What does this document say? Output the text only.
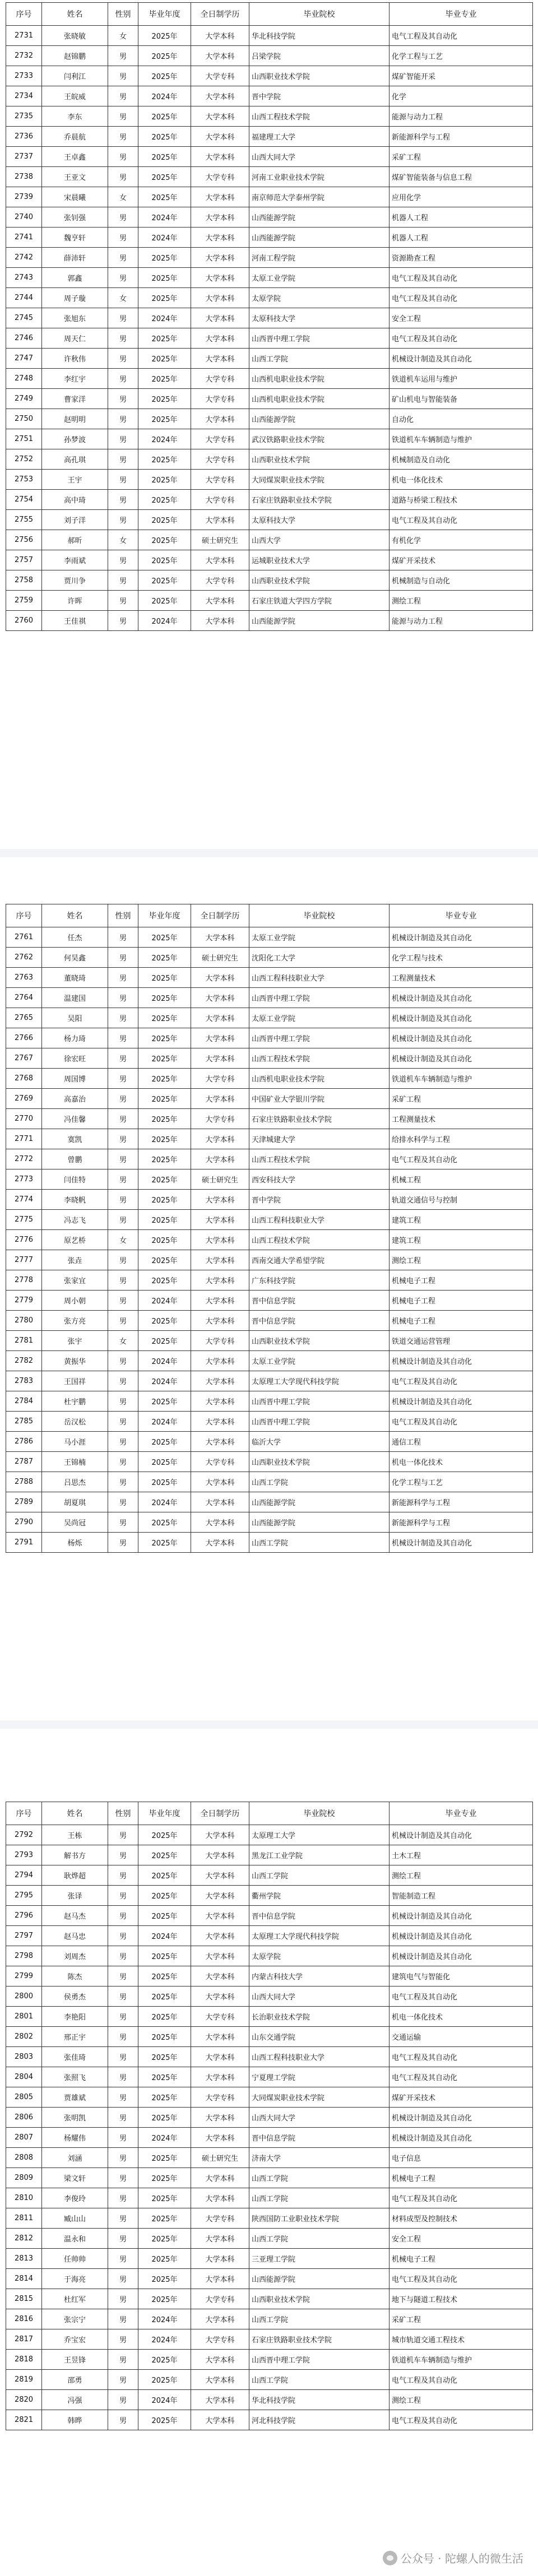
序号	姓名	性别	毕业年度	全日制学历	毕业院校	毕业专业
2731	张晓敏	女	2025年	大学本科	华北科技学院	电气工程及其自动化
2732	赵锦鹏	男	2025年	大学本科	吕梁学院	化学工程与工艺
2733	闫利江	男	2025年	大学专科	山西职业技术学院	煤矿智能开采
2734	王皖威	男	2024年	大学本科	晋中学院	化学
2735	李东	男	2025年	大学本科	山西工程技术学院	能源与动力工程
2736	乔晨航	男	2025年	大学本科	福建理工大学	新能源科学与工程
2737	王卓鑫	男	2025年	大学本科	山西大同大学	采矿工程
2738	王亚文	男	2025年	大学专科	河南工业职业技术学院	煤矿智能装备与信息工程
2739	宋晨曦	女	2025年	大学本科	南京师范大学泰州学院	应用化学
2740	张钊强	男	2024年	大学本科	山西能源学院	机器人工程
2741	魏亨轩	男	2024年	大学本科	山西能源学院	机器人工程
2742	薛沛轩	男	2025年	大学本科	河南工程学院	资源勘查工程
2743	郭鑫	男	2025年	大学本科	太原工业学院	电气工程及其自动化
2744	周子璇	女	2025年	大学本科	太原学院	电气工程及其自动化
2745	张旭东	男	2024年	大学本科	太原科技大学	安全工程
2746	周天仁	男	2025年	大学本科	山西晋中理工学院	电气工程及其自动化
2747	许秋伟	男	2025年	大学本科	山西工学院	机械设计制造及其自动化
2748	李红宇	男	2025年	大学专科	山西机电职业技术学院	铁道机车运用与维护
2749	曹家洋	男	2025年	大学专科	山西机电职业技术学院	矿山机电与智能装备
2750	赵明明	男	2025年	大学本科	山西能源学院	自动化
2751	孙梦波	男	2024年	大学专科	武汉铁路职业技术学院	铁道机车车辆制造与维护
2752	高孔琪	男	2025年	大学专科	山西职业技术学院	机械制造及自动化
2753	王宇	男	2025年	大学专科	大同煤炭职业技术学院	机电一体化技术
2754	高中琦	男	2025年	大学专科	石家庄铁路职业技术学院	道路与桥梁工程技术
2755	刘子洋	男	2025年	大学本科	太原科技大学	电气工程及其自动化
2756	郝昕	女	2025年	硕士研究生	山西大学	有机化学
2757	李雨斌	男	2025年	大学本科	运城职业技术大学	煤矿开采技术
2758	贾川争	男	2025年	大学专科	山西职业技术学院	机械制造与自动化
2759	许晖	男	2025年	大学本科	石家庄铁道大学四方学院	测绘工程
2760	王佳祺	男	2024年	大学本科	山西能源学院	能源与动力工程
序号	姓名	性别	毕业年度	全日制学历	毕业院校	毕业专业
2761	任杰	男	2025年	大学本科	太原工业学院	机械设计制造及其自动化
2762	何昊鑫	男	2025年	硕士研究生	沈阳化工大学	化学工程与技术
2763	董晓琦	男	2025年	大学本科	山西工程科技职业大学	工程测量技术
2764	温建国	男	2025年	大学本科	山西晋中理工学院	机械设计制造及其自动化
2765	吴阳	男	2025年	大学本科	太原工业学院	机械设计制造及其自动化
2766	杨力琦	男	2025年	大学本科	山西晋中理工学院	机械设计制造及其自动化
2767	徐宏旺	男	2025年	大学本科	山西工程技术学院	机械设计制造及其自动化
2768	周国博	男	2025年	大学专科	山西机电职业技术学院	铁道机车车辆制造与维护
2769	高嘉治	男	2025年	大学本科	中国矿业大学银川学院	采矿工程
2770	冯佳馨	男	2025年	大学专科	石家庄铁路职业技术学院	工程测量技术
2771	寞凯	男	2025年	大学本科	天津城建大学	给排水科学与工程
2772	曾鹏	男	2025年	大学本科	山西工程技术学院	电气工程及其自动化
2773	闫佳特	男	2025年	硕士研究生	西安科技大学	机械工程
2774	李晓帆	男	2025年	大学本科	晋中学院	轨道交通信号与控制
2775	冯志飞	男	2025年	大学本科	山西工程科技职业大学	建筑工程
2776	原艺桥	女	2025年	大学本科	山西工程技术学院	建筑工程
2777	张垚	男	2025年	大学本科	西南交通大学希望学院	测绘工程
2778	张家宜	男	2025年	大学本科	广东科技学院	机械电子工程
2779	周小朝	男	2024年	大学本科	晋中信息学院	机械电子工程
2780	张方亮	男	2025年	大学本科	晋中信息学院	机械电子工程
2781	张宇	女	2025年	大学专科	山西职业技术学院	铁道交通运营管理
2782	黄振华	男	2024年	大学本科	太原工业学院	机械设计制造及其自动化
2783	王国祥	男	2024年	大学本科	太原理工大学现代科技学院	电气工程及其自动化
2784	杜宇鹏	男	2025年	大学本科	山西晋中理工学院	机械设计制造及其自动化
2785	岳汉松	男	2024年	大学本科	山西晋中理工学院	电气工程及其自动化
2786	马小涯	男	2025年	大学本科	临沂大学	通信工程
2787	王锦楠	男	2025年	大学专科	山西职业技术学院	机电一体化技术
2788	吕思杰	男	2025年	大学本科	山西工学院	化学工程与工艺
2789	胡夏琪	男	2024年	大学本科	山西能源学院	新能源科学与工程
2790	吴尚冠	男	2025年	大学本科	山西能源学院	新能源科学与工程
2791	杨烁	男	2025年	大学本科	山西工学院	机械设计制造及其自动化
序号	姓名	性别	毕业年度	全日制学历	毕业院校	毕业专业
2792	王栋	男	2025年	大学本科	太原理工大学	机械设计制造及其自动化
2793	解书方	男	2025年	大学本科	黑龙江工业学院	土木工程
2794	耿烨超	男	2025年	大学本科	山西工学院	测绘工程
2795	张译	男	2025年	大学本科	衢州学院	智能制造工程
2796	赵马杰	男	2025年	大学本科	晋中信息学院	机械设计制造及其自动化
2797	赵马忠	男	2024年	大学本科	太原理工大学现代科技学院	机械设计制造及其自动化
2798	刘周杰	男	2025年	大学本科	太原学院	机械设计制造及其自动化
2799	陈杰	男	2025年	大学本科	内蒙古科技大学	建筑电气与智能化
2800	侯勇杰	男	2025年	大学本科	山西大同大学	电气工程及其自动化
2801	李艳阳	男	2025年	大学专科	长治职业技术学院	机电一体化技术
2802	邢正宇	男	2025年	大学本科	山东交通学院	交通运输
2803	张佳琦	男	2025年	大学本科	山西工程科技职业大学	电气工程及其自动化
2804	张照飞	男	2025年	大学本科	宁夏理工学院	电气工程及其自动化
2805	贾雄斌	男	2025年	大学专科	大同煤炭职业技术学院	煤矿开采技术
2806	张明凯	男	2025年	大学本科	山西大同大学	机械设计制造及其自动化
2807	杨耀伟	男	2024年	大学本科	晋中信息学院	机械设计制造及其自动化
2808	刘涵	男	2025年	硕士研究生	济南大学	电子信息
2809	梁文轩	男	2025年	大学本科	山西工学院	机械电子工程
2810	李俊玲	男	2025年	大学本科	山西工学院	电气工程及其自动化
2811	臧山山	男	2025年	大学专科	陕西国防工业职业技术学院	材料成型及控制技术
2812	温永和	男	2025年	大学本科	山西工学院	安全工程
2813	任帅帅	男	2025年	大学本科	三亚理工学院	机械电子工程
2814	于海亮	男	2025年	大学本科	山西能源学院	电气工程及其自动化
2815	杜红军	男	2025年	大学专科	山西职业技术学院	地下与隧道工程技术
2816	张宗宁	男	2024年	大学本科	山西工学院	采矿工程
2817	乔宝宏	男	2024年	大学专科	石家庄铁路职业技术学院	城市轨道交通工程技术
2818	王昱锋	男	2025年	大学本科	山西晋中理工学院	铁道机车车辆制造与维护
2819	邵勇	男	2025年	大学本科	山西工学院	电气工程及其自动化
2820	冯强	男	2024年	大学本科	华北科技学院	测绘工程
2821	韩晔	男	2025年	大学本科	河北科技学院	电气工程及其自动化
公众号 · 陀螺人的微生活
